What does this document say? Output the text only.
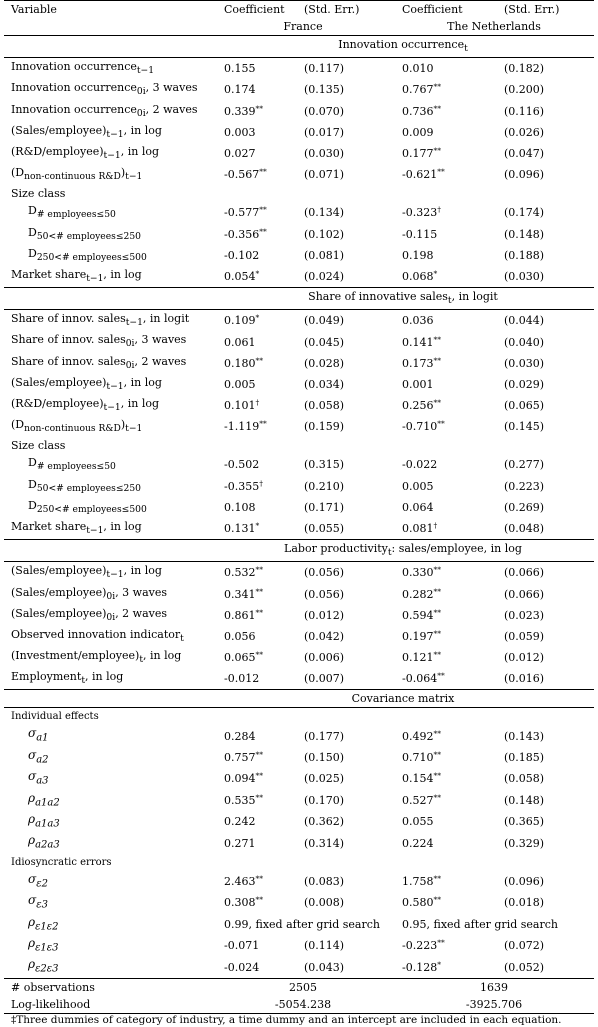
Variable	Coefficient	(Std. Err.)	Coefficient	(Std. Err.)
	France		The Netherlands	
	Innovation occurrence$_t$
Innovation occurrence$_{t-1}$	0.155	(0.117)	0.010	(0.182)
Innovation occurrence$_{0i}$, 3 waves	0.174	(0.135)	0.767**	(0.200)
Innovation occurrence$_{0i}$, 2 waves	0.339**	(0.070)	0.736**	(0.116)
$(Sales/employee)_{t-1}$, in log	0.003	(0.017)	0.009	(0.026)
$(R\&D/employee)_{t-1}$, in log	0.027	(0.030)	0.177**	(0.047)
$(D_{non-continuous R\&D})_{t-1}$	-0.567**	(0.071)	-0.621**	(0.096)
Size class				
$D_{\# employees\le 50}$	-0.577**	(0.134)	-0.323†	(0.174)
$D_{50<\# employees\le 250}$	-0.356**	(0.102)	-0.115	(0.148)
$D_{250<\# employees\le 500}$	-0.102	(0.081)	0.198	(0.188)
Market share$_{t-1}$, in log	0.054*	(0.024)	0.068*	(0.030)
	Share of innovative sales$_t$, in logit			
Share of innov. sales$_{t-1}$, in logit	0.109*	(0.049)	0.036	(0.044)
Share of innov. sales$_{0i}$, 3 waves	0.061	(0.045)	0.141**	(0.040)
Share of innov. sales$_{0i}$, 2 waves	0.180**	(0.028)	0.173**	(0.030)
$(Sales/employee)_{t-1}$, in log	0.005	(0.034)	0.001	(0.029)
$(R\&D/employee)_{t-1}$, in log	0.101†	(0.058)	0.256**	(0.065)
$(D_{non-continuous R\&D})_{t-1}$	-1.119**	(0.159)	-0.710**	(0.145)
Size class				
$D_{\# employees\le 50}$	-0.502	(0.315)	-0.022	(0.277)
$D_{50<\# employees\le 250}$	-0.355†	(0.210)	0.005	(0.223)
$D_{250<\# employees\le 500}$	0.108	(0.171)	0.064	(0.269)
Market share$_{t-1}$, in log	0.131*	(0.055)	0.081†	(0.048)
	Labor productivity$_t$: sales/employee, in log			
$(Sales/employee)_{t-1}$, in log	0.532**	(0.056)	0.330**	(0.066)
$(Sales/employee)_{0i}$, 3 waves	0.341**	(0.056)	0.282**	(0.066)
$(Sales/employee)_{0i}$, 2 waves	0.861**	(0.012)	0.594**	(0.023)
Observed innovation indicator$_t$	0.056	(0.042)	0.197**	(0.059)
$(Investment/employee)_t$, in log	0.065**	(0.006)	0.121**	(0.012)
Employment$_t$, in log	-0.012	(0.007)	-0.064**	(0.016)
	Covariance matrix			
Individual effects				
$\sigma_{a1}$	0.284	(0.177)	0.492**	(0.143)
$\sigma_{a2}$	0.757**	(0.150)	0.710**	(0.185)
$\sigma_{a3}$	0.094**	(0.025)	0.154**	(0.058)
$\rho_{a1a2}$	0.535**	(0.170)	0.527**	(0.148)
$\rho_{a1a3}$	0.242	(0.362)	0.055	(0.365)
$\rho_{a2a3}$	0.271	(0.314)	0.224	(0.329)
Idiosyncratic errors				
$\sigma_{\varepsilon 2}$	2.463**	(0.083)	1.758**	(0.096)
$\sigma_{\varepsilon 3}$	0.308**	(0.008)	0.580**	(0.018)
$\rho_{\varepsilon 1\varepsilon 2}$	0.99, fixed after grid search		0.95, fixed after grid search	
$\rho_{\varepsilon 1\varepsilon 3}$	-0.071	(0.114)	-0.223**	(0.072)
$\rho_{\varepsilon 2\varepsilon 3}$	-0.024	(0.043)	-0.128*	(0.052)
# observations	2505		1639	
Log-likelihood	-5054.238		-3925.706	
‡Three dummies of category of industry, a time dummy and an intercept are included in each equation.
